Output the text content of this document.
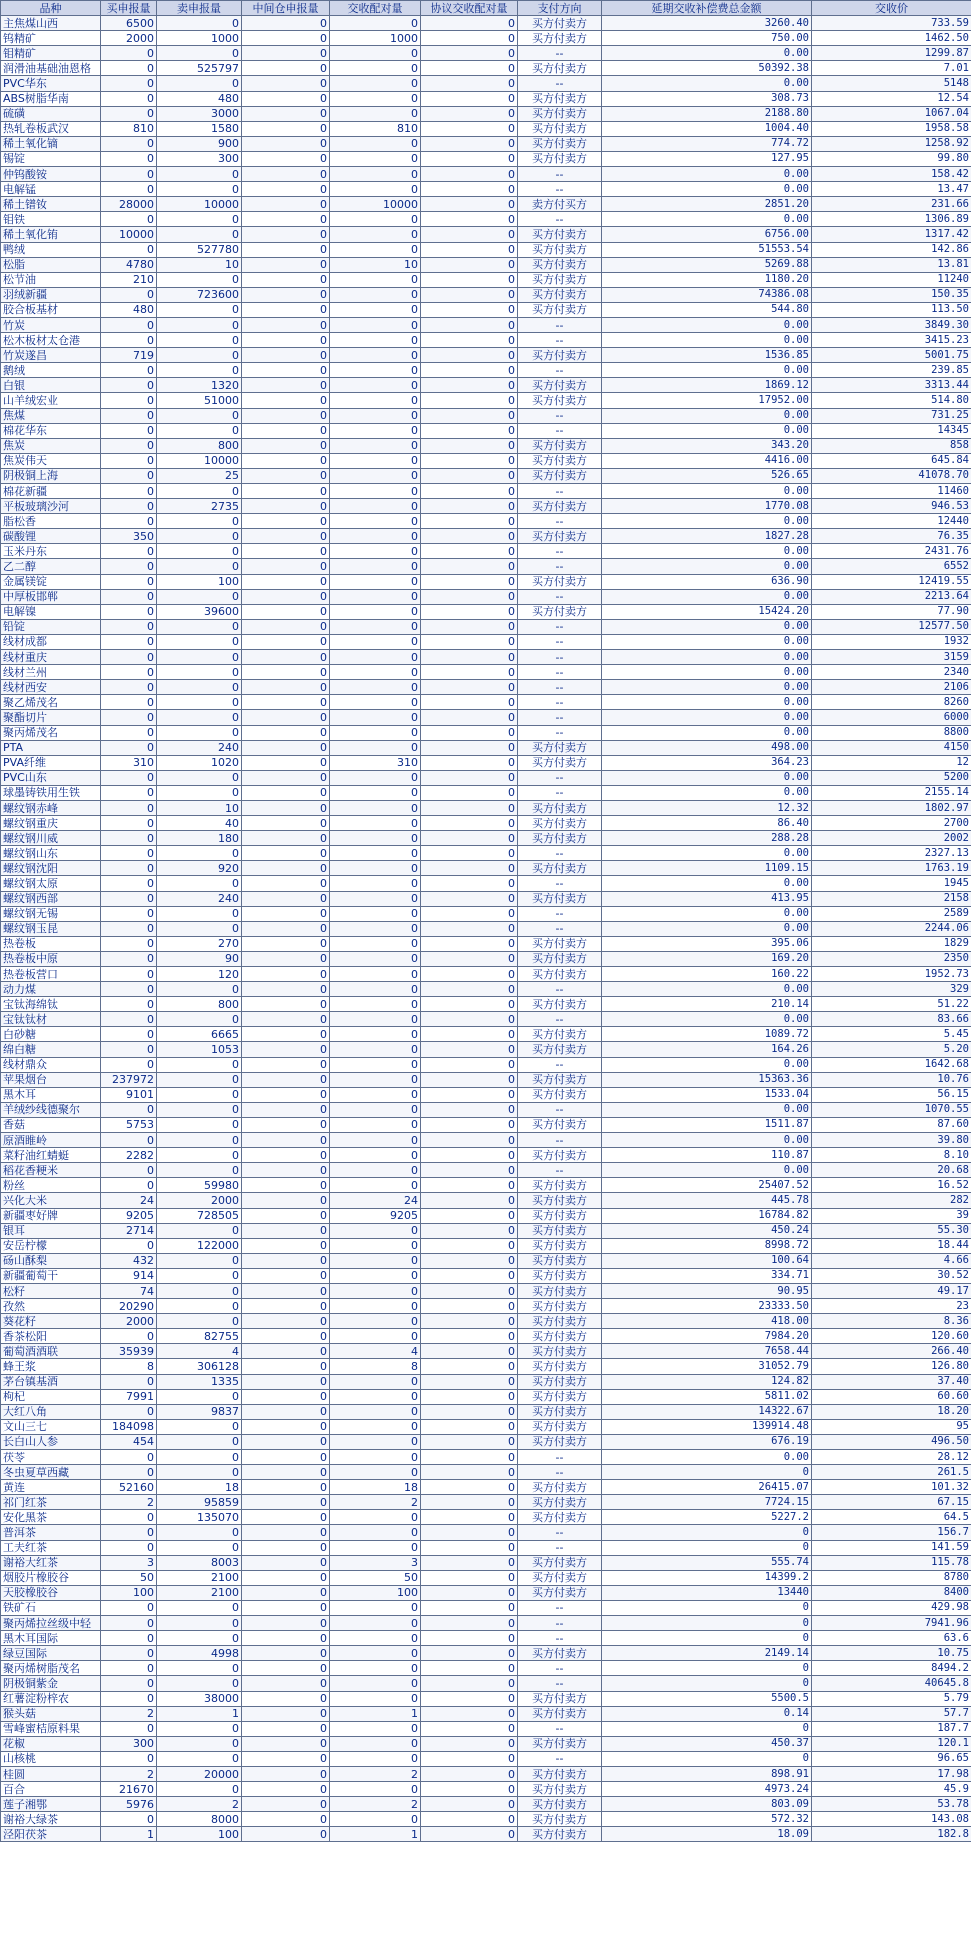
品种	买申报量	卖申报量	中间仓申报量	交收配对量	协议交收配对量	支付方向	延期交收补偿费总金额	交收价
主焦煤山西	6500	0	0	0	0	买方付卖方	3260.40	733.59
钨精矿	2000	1000	0	1000	0	买方付卖方	750.00	1462.50
钼精矿	0	0	0	0	0	--	0.00	1299.87
润滑油基础油恩格	0	525797	0	0	0	买方付卖方	50392.38	7.01
PVC华东	0	0	0	0	0	--	0.00	5148
ABS树脂华南	0	480	0	0	0	买方付卖方	308.73	12.54
硫磺	0	3000	0	0	0	买方付卖方	2188.80	1067.04
热轧卷板武汉	810	1580	0	810	0	买方付卖方	1004.40	1958.58
稀土氧化镝	0	900	0	0	0	买方付卖方	774.72	1258.92
锡锭	0	300	0	0	0	买方付卖方	127.95	99.80
仲钨酸铵	0	0	0	0	0	--	0.00	158.42
电解锰	0	0	0	0	0	--	0.00	13.47
稀土镨钕	28000	10000	0	10000	0	卖方付买方	2851.20	231.66
钼铁	0	0	0	0	0	--	0.00	1306.89
稀土氧化铕	10000	0	0	0	0	买方付卖方	6756.00	1317.42
鸭绒	0	527780	0	0	0	买方付卖方	51553.54	142.86
松脂	4780	10	0	10	0	买方付卖方	5269.88	13.81
松节油	210	0	0	0	0	买方付卖方	1180.20	11240
羽绒新疆	0	723600	0	0	0	买方付卖方	74386.08	150.35
胶合板基材	480	0	0	0	0	买方付卖方	544.80	113.50
竹炭	0	0	0	0	0	--	0.00	3849.30
松木板材太仓港	0	0	0	0	0	--	0.00	3415.23
竹炭遂昌	719	0	0	0	0	买方付卖方	1536.85	5001.75
鹅绒	0	0	0	0	0	--	0.00	239.85
白银	0	1320	0	0	0	买方付卖方	1869.12	3313.44
山羊绒宏业	0	51000	0	0	0	买方付卖方	17952.00	514.80
焦煤	0	0	0	0	0	--	0.00	731.25
棉花华东	0	0	0	0	0	--	0.00	14345
焦炭	0	800	0	0	0	买方付卖方	343.20	858
焦炭伟天	0	10000	0	0	0	买方付卖方	4416.00	645.84
阴极铜上海	0	25	0	0	0	买方付卖方	526.65	41078.70
棉花新疆	0	0	0	0	0	--	0.00	11460
平板玻璃沙河	0	2735	0	0	0	买方付卖方	1770.08	946.53
脂松香	0	0	0	0	0	--	0.00	12440
碳酸锂	350	0	0	0	0	买方付卖方	1827.28	76.35
玉米丹东	0	0	0	0	0	--	0.00	2431.76
乙二醇	0	0	0	0	0	--	0.00	6552
金属镁锭	0	100	0	0	0	买方付卖方	636.90	12419.55
中厚板邯郸	0	0	0	0	0	--	0.00	2213.64
电解镍	0	39600	0	0	0	买方付卖方	15424.20	77.90
铅锭	0	0	0	0	0	--	0.00	12577.50
线材成都	0	0	0	0	0	--	0.00	1932
线材重庆	0	0	0	0	0	--	0.00	3159
线材兰州	0	0	0	0	0	--	0.00	2340
线材西安	0	0	0	0	0	--	0.00	2106
聚乙烯茂名	0	0	0	0	0	--	0.00	8260
聚酯切片	0	0	0	0	0	--	0.00	6000
聚丙烯茂名	0	0	0	0	0	--	0.00	8800
PTA	0	240	0	0	0	买方付卖方	498.00	4150
PVA纤维	310	1020	0	310	0	买方付卖方	364.23	12
PVC山东	0	0	0	0	0	--	0.00	5200
球墨铸铁用生铁	0	0	0	0	0	--	0.00	2155.14
螺纹钢赤峰	0	10	0	0	0	买方付卖方	12.32	1802.97
螺纹钢重庆	0	40	0	0	0	买方付卖方	86.40	2700
螺纹钢川威	0	180	0	0	0	买方付卖方	288.28	2002
螺纹钢山东	0	0	0	0	0	--	0.00	2327.13
螺纹钢沈阳	0	920	0	0	0	买方付卖方	1109.15	1763.19
螺纹钢太原	0	0	0	0	0	--	0.00	1945
螺纹钢西部	0	240	0	0	0	买方付卖方	413.95	2158
螺纹钢无锡	0	0	0	0	0	--	0.00	2589
螺纹钢玉昆	0	0	0	0	0	--	0.00	2244.06
热卷板	0	270	0	0	0	买方付卖方	395.06	1829
热卷板中原	0	90	0	0	0	买方付卖方	169.20	2350
热卷板营口	0	120	0	0	0	买方付卖方	160.22	1952.73
动力煤	0	0	0	0	0	--	0.00	329
宝钛海绵钛	0	800	0	0	0	买方付卖方	210.14	51.22
宝钛钛材	0	0	0	0	0	--	0.00	83.66
白砂糖	0	6665	0	0	0	买方付卖方	1089.72	5.45
绵白糖	0	1053	0	0	0	买方付卖方	164.26	5.20
线材鼎众	0	0	0	0	0	--	0.00	1642.68
苹果烟台	237972	0	0	0	0	买方付卖方	15363.36	10.76
黑木耳	9101	0	0	0	0	买方付卖方	1533.04	56.15
羊绒纱线德聚尔	0	0	0	0	0	--	0.00	1070.55
香菇	5753	0	0	0	0	买方付卖方	1511.87	87.60
原酒睢岭	0	0	0	0	0	--	0.00	39.80
菜籽油红蜻蜓	2282	0	0	0	0	买方付卖方	110.87	8.10
稻花香粳米	0	0	0	0	0	--	0.00	20.68
粉丝	0	59980	0	0	0	买方付卖方	25407.52	16.52
兴化大米	24	2000	0	24	0	买方付卖方	445.78	282
新疆枣好牌	9205	728505	0	9205	0	买方付卖方	16784.82	39
银耳	2714	0	0	0	0	买方付卖方	450.24	55.30
安岳柠檬	0	122000	0	0	0	买方付卖方	8998.72	18.44
砀山酥梨	432	0	0	0	0	买方付卖方	100.64	4.66
新疆葡萄干	914	0	0	0	0	买方付卖方	334.71	30.52
松籽	74	0	0	0	0	买方付卖方	90.95	49.17
孜然	20290	0	0	0	0	买方付卖方	23333.50	23
葵花籽	2000	0	0	0	0	买方付卖方	418.00	8.36
香茶松阳	0	82755	0	0	0	买方付卖方	7984.20	120.60
葡萄酒酒联	35939	4	0	4	0	买方付卖方	7658.44	266.40
蜂王浆	8	306128	0	8	0	买方付卖方	31052.79	126.80
茅台镇基酒	0	1335	0	0	0	买方付卖方	124.82	37.40
枸杞	7991	0	0	0	0	买方付卖方	5811.02	60.60
大红八角	0	9837	0	0	0	买方付卖方	14322.67	18.20
文山三七	184098	0	0	0	0	买方付卖方	139914.48	95
长白山人参	454	0	0	0	0	买方付卖方	676.19	496.50
茯苓	0	0	0	0	0	--	0.00	28.12
冬虫夏草西藏	0	0	0	0	0	--	0	261.5
黄连	52160	18	0	18	0	买方付卖方	26415.07	101.32
祁门红茶	2	95859	0	2	0	买方付卖方	7724.15	67.15
安化黑茶	0	135070	0	0	0	买方付卖方	5227.2	64.5
普洱茶	0	0	0	0	0	--	0	156.7
工夫红茶	0	0	0	0	0	--	0	141.59
谢裕大红茶	3	8003	0	3	0	买方付卖方	555.74	115.78
烟胶片橡胶谷	50	2100	0	50	0	买方付卖方	14399.2	8780
天胶橡胶谷	100	2100	0	100	0	买方付卖方	13440	8400
铁矿石	0	0	0	0	0	--	0	429.98
聚丙烯拉丝级中轻	0	0	0	0	0	--	0	7941.96
黑木耳国际	0	0	0	0	0	--	0	63.6
绿豆国际	0	4998	0	0	0	买方付卖方	2149.14	10.75
聚丙烯树脂茂名	0	0	0	0	0	--	0	8494.2
阴极铜紫金	0	0	0	0	0	--	0	40645.8
红薯淀粉梓农	0	38000	0	0	0	买方付卖方	5500.5	5.79
猴头菇	2	1	0	1	0	买方付卖方	0.14	57.7
雪峰蜜桔原料果	0	0	0	0	0	--	0	187.7
花椒	300	0	0	0	0	买方付卖方	450.37	120.1
山核桃	0	0	0	0	0	--	0	96.65
桂圆	2	20000	0	2	0	买方付卖方	898.91	17.98
百合	21670	0	0	0	0	买方付卖方	4973.24	45.9
莲子湘鄂	5976	2	0	2	0	买方付卖方	803.09	53.78
谢裕大绿茶	0	8000	0	0	0	买方付卖方	572.32	143.08
泾阳茯茶	1	100	0	1	0	买方付卖方	18.09	182.8
